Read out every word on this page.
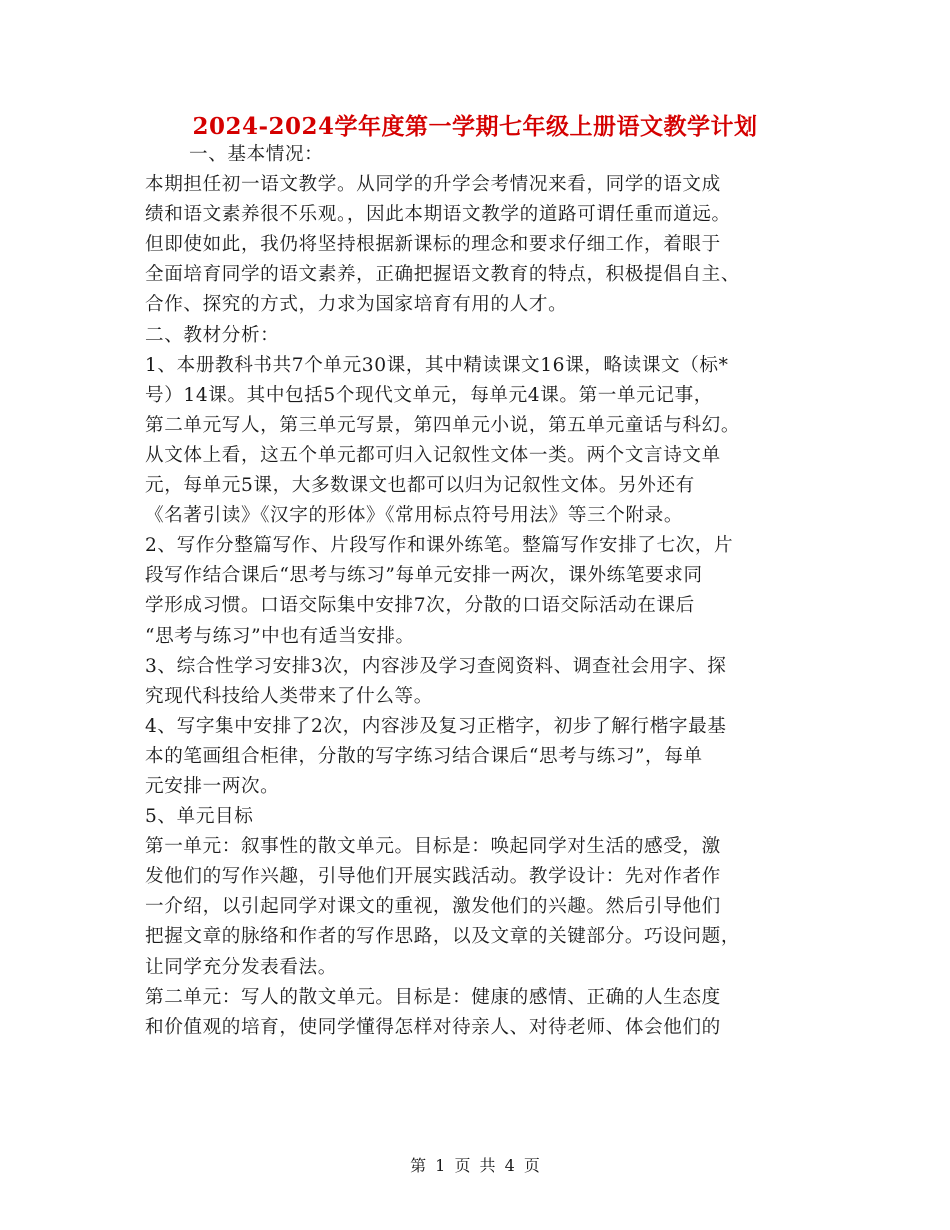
2024-2024学年度第一学期七年级上册语文教学计划
一、基本情况：
本期担任初一语文教学。从同学的升学会考情况来看，同学的语文成
绩和语文素养很不乐观。，因此本期语文教学的道路可谓任重而道远。
但即使如此，我仍将坚持根据新课标的理念和要求仔细工作，着眼于
全面培育同学的语文素养，正确把握语文教育的特点，积极提倡自主、
合作、探究的方式，力求为国家培育有用的人才。
二、教材分析：
1、本册教科书共7个单元30课，其中精读课文16课，略读课文（标*
号）14课。其中包括5个现代文单元，每单元4课。第一单元记事，
第二单元写人，第三单元写景，第四单元小说，第五单元童话与科幻。
从文体上看，这五个单元都可归入记叙性文体一类。两个文言诗文单
元，每单元5课，大多数课文也都可以归为记叙性文体。另外还有
《名著引读》《汉字的形体》《常用标点符号用法》等三个附录。
2、写作分整篇写作、片段写作和课外练笔。整篇写作安排了七次，片
段写作结合课后“思考与练习”每单元安排一两次，课外练笔要求同
学形成习惯。口语交际集中安排7次，分散的口语交际活动在课后
“思考与练习”中也有适当安排。
3、综合性学习安排3次，内容涉及学习查阅资料、调查社会用字、探
究现代科技给人类带来了什么等。
4、写字集中安排了2次，内容涉及复习正楷字，初步了解行楷字最基
本的笔画组合柜律，分散的写字练习结合课后“思考与练习”，每单
元安排一两次。
5、单元目标
第一单元：叙事性的散文单元。目标是：唤起同学对生活的感受，激
发他们的写作兴趣，引导他们开展实践活动。教学设计：先对作者作
一介绍，以引起同学对课文的重视，激发他们的兴趣。然后引导他们
把握文章的脉络和作者的写作思路，以及文章的关键部分。巧设问题，
让同学充分发表看法。
第二单元：写人的散文单元。目标是：健康的感情、正确的人生态度
和价值观的培育，使同学懂得怎样对待亲人、对待老师、体会他们的
第 1 页 共 4 页
